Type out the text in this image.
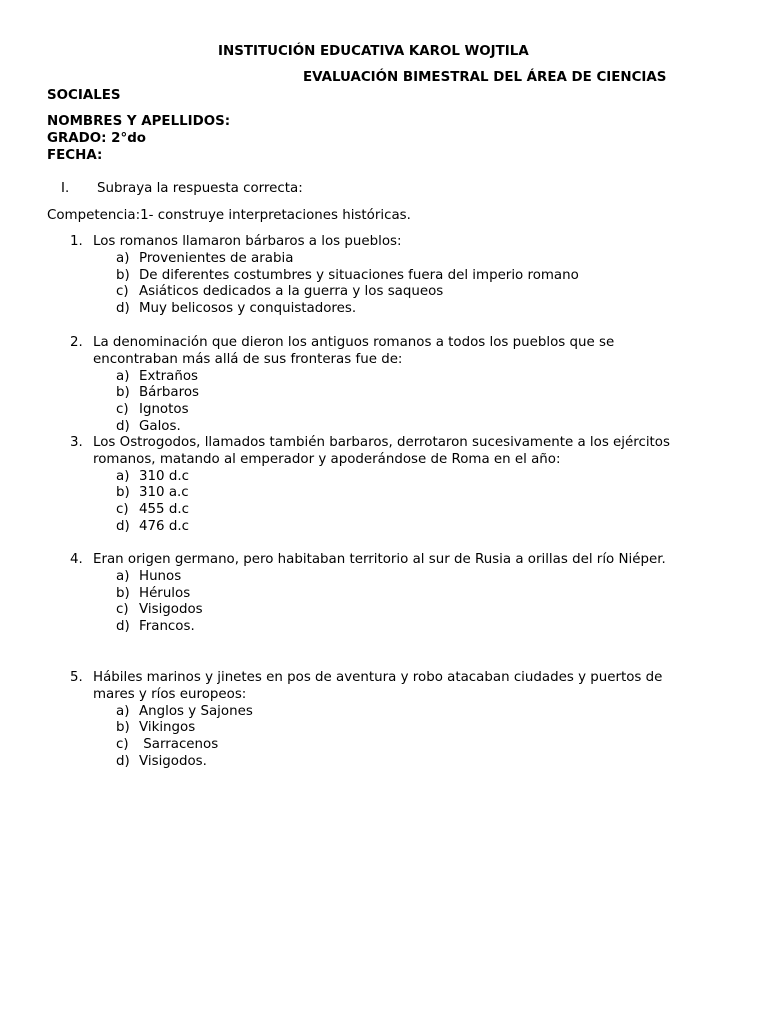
INSTITUCIÓN EDUCATIVA KAROL WOJTILA
EVALUACIÓN BIMESTRAL DEL ÁREA DE CIENCIAS
SOCIALES
NOMBRES Y APELLIDOS:
GRADO: 2°do
FECHA:
I. Subraya la respuesta correcta:
Competencia:1- construye interpretaciones históricas.
1. Los romanos llamaron bárbaros a los pueblos:
a) Provenientes de arabia
b) De diferentes costumbres y situaciones fuera del imperio romano
c) Asiáticos dedicados a la guerra y los saqueos
d) Muy belicosos y conquistadores.
2. La denominación que dieron los antiguos romanos a todos los pueblos que se
encontraban más allá de sus fronteras fue de:
a) Extraños
b) Bárbaros
c) Ignotos
d) Galos.
3. Los Ostrogodos, llamados también barbaros, derrotaron sucesivamente a los ejércitos
romanos, matando al emperador y apoderándose de Roma en el año:
a) 310 d.c
b) 310 a.c
c) 455 d.c
d) 476 d.c
4. Eran origen germano, pero habitaban territorio al sur de Rusia a orillas del río Niéper.
a) Hunos
b) Hérulos
c) Visigodos
d) Francos.
5. Hábiles marinos y jinetes en pos de aventura y robo atacaban ciudades y puertos de
mares y ríos europeos:
a) Anglos y Sajones
b) Vikingos
c) Sarracenos
d) Visigodos.
